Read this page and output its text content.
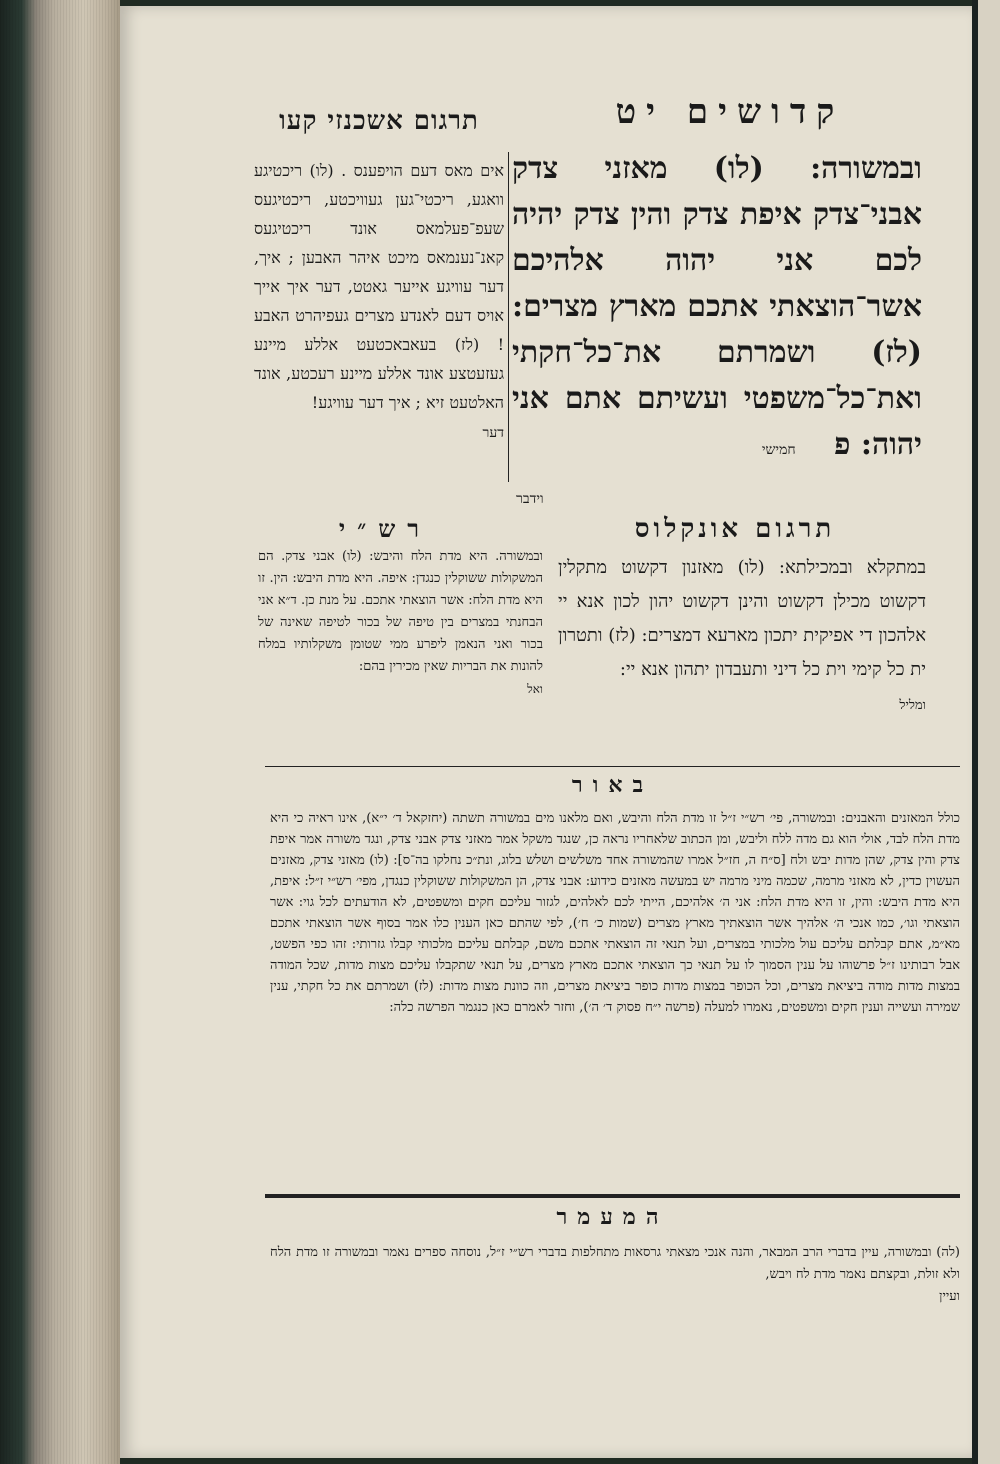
תרגום אשכנזי קעו	קדושים יט
אים מאס דעם הויפענס . (לו) ריכטיגע וואגע, ריכטי־גען געוויכטע, ריכטיגעס שעפ־פעלמאס אונד ריכטיגעס קאנ־נענמאס מיכט איהר האבען ; איך, דער עוויגע אייער גאטט, דער איך אייך אויס דעם לאנדע מצרים געפיהרט האבע ! (לז) בעאבאכטעט אללע מיינע געזעטצע אונד אללע מיינע רעכטע, אונד האלטעט זיא ; איך דער עוויגע!
דער
ובמשורה: (לו) מאזני צדק אבני־צדק איפת צדק והין צדק יהיה לכם אני יהוה אלהיכם אשר־הוצאתי אתכם מארץ מצרים: (לז) ושמרתם את־כל־חקתי ואת־כל־משפטי ועשיתם אתם אני יהוה: פ חמישי
וידבר
רש״י	תרגום אונקלוס
ובמשורה. היא מדת הלח והיבש: (לו) אבני צדק. הם המשקולות ששוקלין כנגדן: איפה. היא מדת היבש: הין. זו היא מדת הלח: אשר הוצאתי אתכם. על מנת כן. ד״א אני הבחנתי במצרים בין טיפה של בכור לטיפה שאינה של בכור ואני הנאמן ליפרע ממי שטומן משקלותיו במלח להונות את הבריות שאין מכירין בהם:
ואל
במתקלא ובמכילתא: (לו) מאזנון דקשוט מתקלין דקשוט מכילן דקשוט והינן דקשוט יהון לכון אנא יי אלהכון די אפיקית יתכון מארעא דמצרים: (לז) ותטרון ית כל קימי וית כל דיני ותעבדון יתהון אנא יי:
ומליל
באור
כולל המאזנים והאבנים: ובמשורה, פי׳ רש״י ז״ל זו מדת הלח והיבש, ואם מלאנו מים במשורה תשתה (יחזקאל ד׳ י״א), אינו ראיה כי היא מדת הלח לבד, אולי הוא גם מדה ללח וליבש, ומן הכתוב שלאחריו נראה כן, שנגד משקל אמר מאזני צדק אבני צדק, ונגד משורה אמר איפת צדק והין צדק, שהן מדות יבש ולח [ס״ח ה, חז״ל אמרו שהמשורה אחד משלשים ושלש בלוג, ונת״כ נחלקו בה־ס]: (לו) מאזני צדק, מאזנים העשוין כדין, לא מאזני מרמה, שכמה מיני מרמה יש במעשה מאזנים כידוע: אבני צדק, הן המשקולות ששוקלין כנגדן, מפי׳ רש״י ז״ל: איפת, היא מדת היבש: והין, זו היא מדת הלח: אני ה׳ אלהיכם, הייתי לכם לאלהים, לגזור עליכם חקים ומשפטים, לא הודעתים לכל גוי: אשר הוצאתי וגו׳, כמו אנכי ה׳ אלהיך אשר הוצאתיך מארץ מצרים (שמות כ׳ ח׳), לפי שהתם כאן הענין כלו אמר בסוף אשר הוצאתי אתכם מא״מ, אתם קבלתם עליכם עול מלכותי במצרים, ועל תנאי זה הוצאתי אתכם משם, קבלתם עליכם מלכותי קבלו גזרותי: זהו כפי הפשט, אבל רבותינו ז״ל פרשוהו על ענין הסמוך לו על תנאי כך הוצאתי אתכם מארץ מצרים, על תנאי שתקבלו עליכם מצות מדות, שכל המודה במצות מדות מודה ביציאת מצרים, וכל הכופר במצות מדות כופר ביציאת מצרים, וזה כוונת מצות מדות: (לז) ושמרתם את כל חקתי, ענין שמירה ועשייה וענין חקים ומשפטים, נאמרו למעלה (פרשה י״ח פסוק ד׳ ה׳), וחזר לאמרם כאן כנגמר הפרשה כלה:
המעמר
(לה) ובמשורה, עיין בדברי הרב המבאר, והנה אנכי מצאתי גרסאות מתחלפות בדברי רש״י ז״ל, נוסחה ספרים נאמר ובמשורה זו מדת הלח ולא זולת, ובקצתם נאמר מדת לח ויבש,
ועיין
